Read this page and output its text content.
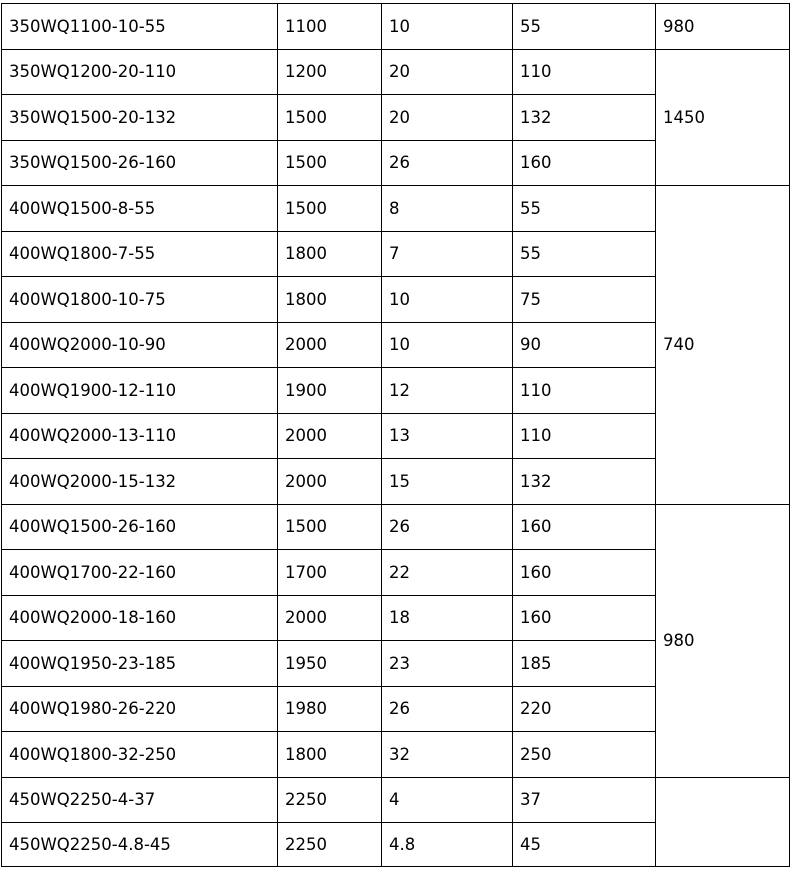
350WQ1100-10-55	1100	10	55	980
350WQ1200-20-110	1200	20	110	1450
350WQ1500-20-132	1500	20	132	
350WQ1500-26-160	1500	26	160	
400WQ1500-8-55	1500	8	55	740
400WQ1800-7-55	1800	7	55	
400WQ1800-10-75	1800	10	75	
400WQ2000-10-90	2000	10	90	
400WQ1900-12-110	1900	12	110	
400WQ2000-13-110	2000	13	110	
400WQ2000-15-132	2000	15	132	
400WQ1500-26-160	1500	26	160	980
400WQ1700-22-160	1700	22	160	
400WQ2000-18-160	2000	18	160	
400WQ1950-23-185	1950	23	185	
400WQ1980-26-220	1980	26	220	
400WQ1800-32-250	1800	32	250	
450WQ2250-4-37	2250	4	37	
450WQ2250-4.8-45	2250	4.8	45	
